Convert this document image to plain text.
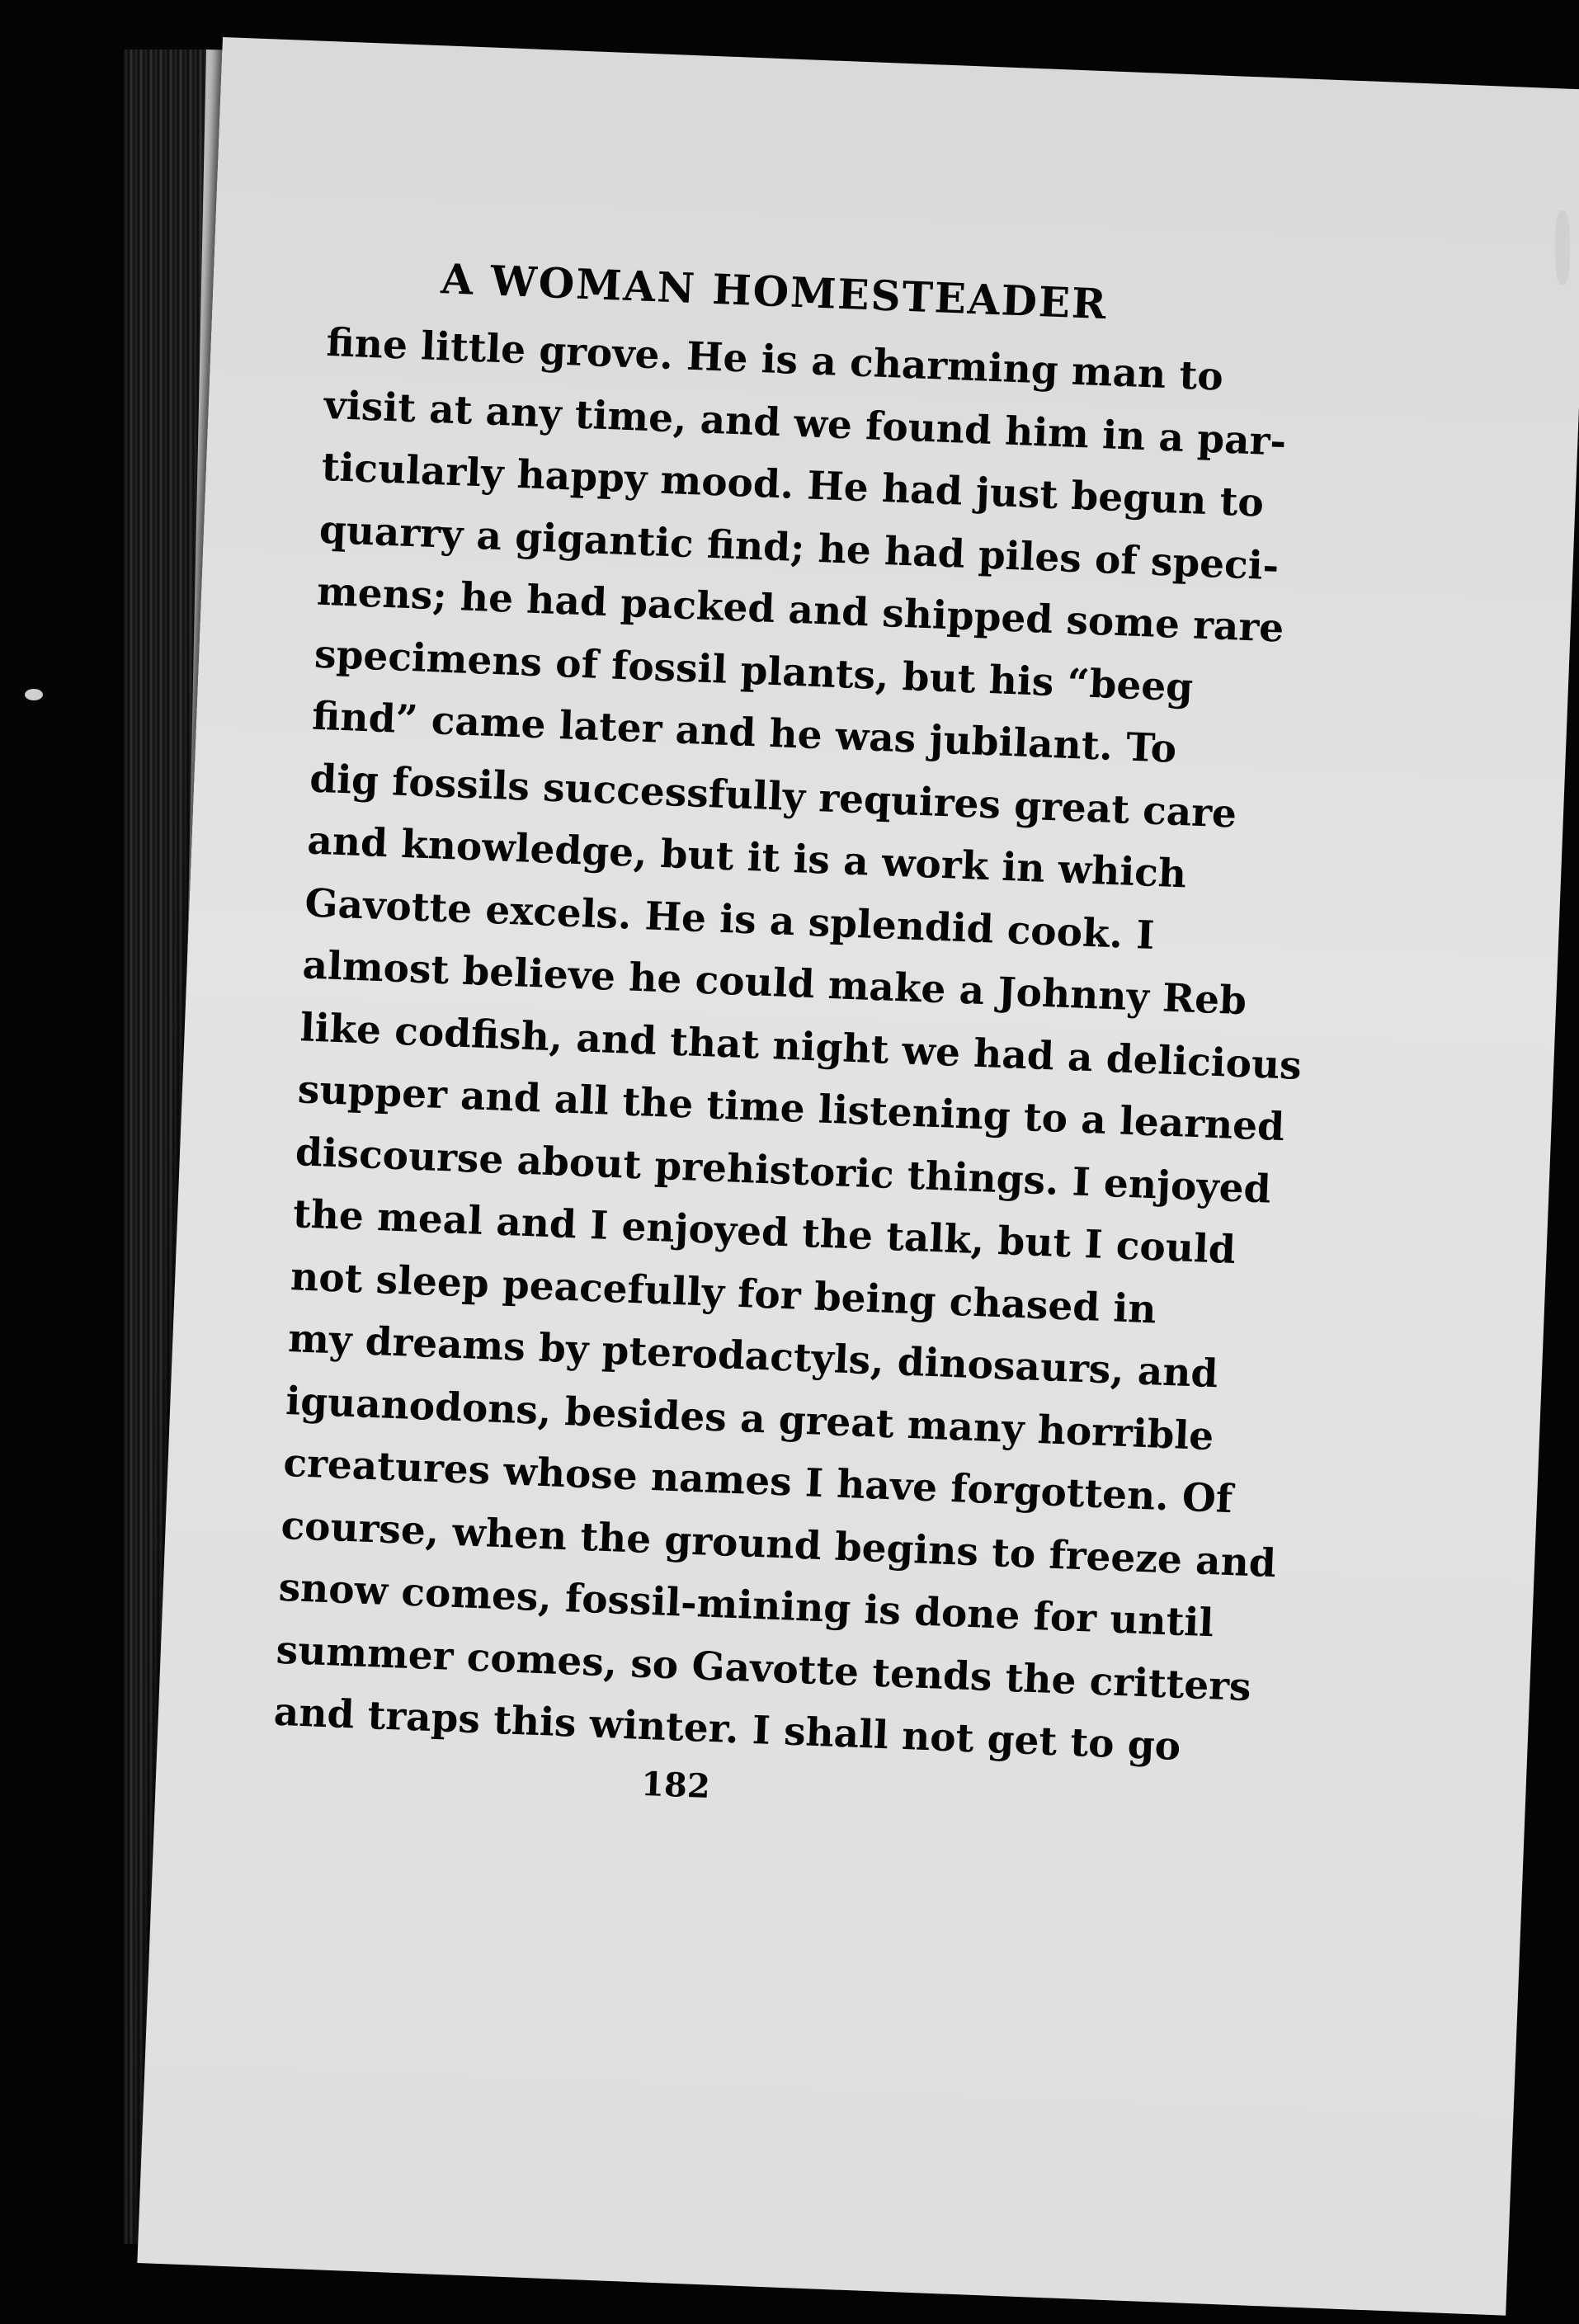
A WOMAN HOMESTEADER
fine little grove. He is a charming man to
visit at any time, and we found him in a par-
ticularly happy mood. He had just begun to
quarry a gigantic find; he had piles of speci-
mens; he had packed and shipped some rare
specimens of fossil plants, but his “beeg
find” came later and he was jubilant. To
dig fossils successfully requires great care
and knowledge, but it is a work in which
Gavotte excels. He is a splendid cook. I
almost believe he could make a Johnny Reb
like codfish, and that night we had a delicious
supper and all the time listening to a learned
discourse about prehistoric things. I enjoyed
the meal and I enjoyed the talk, but I could
not sleep peacefully for being chased in
my dreams by pterodactyls, dinosaurs, and
iguanodons, besides a great many horrible
creatures whose names I have forgotten. Of
course, when the ground begins to freeze and
snow comes, fossil-mining is done for until
summer comes, so Gavotte tends the critters
and traps this winter. I shall not get to go
182
